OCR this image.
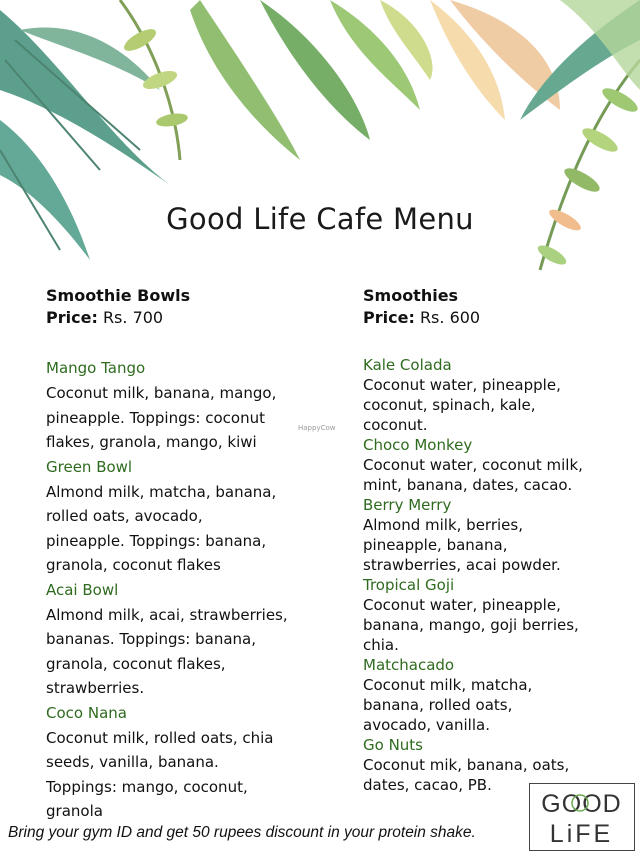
Good Life Cafe Menu
Smoothie Bowls
Price: Rs. 700
Mango Tango
Coconut milk, banana, mango,
pineapple. Toppings: coconut
flakes, granola, mango, kiwi
Green Bowl
Almond milk, matcha, banana,
rolled oats, avocado,
pineapple. Toppings: banana,
granola, coconut flakes
Acai Bowl
Almond milk, acai, strawberries,
bananas. Toppings: banana,
granola, coconut flakes,
strawberries.
Coco Nana
Coconut milk, rolled oats, chia
seeds, vanilla, banana.
Toppings: mango, coconut,
granola
Smoothies
Price: Rs. 600
Kale Colada
Coconut water, pineapple,
coconut, spinach, kale,
coconut.
Choco Monkey
Coconut water, coconut milk,
mint, banana, dates, cacao.
Berry Merry
Almond milk, berries,
pineapple, banana,
strawberries, acai powder.
Tropical Goji
Coconut water, pineapple,
banana, mango, goji berries,
chia.
Matchacado
Coconut milk, matcha,
banana, rolled oats,
avocado, vanilla.
Go Nuts
Coconut mik, banana, oats,
dates, cacao, PB.
HappyCow
GOOD
LiFE
Bring your gym ID and get 50 rupees discount in your protein shake.
